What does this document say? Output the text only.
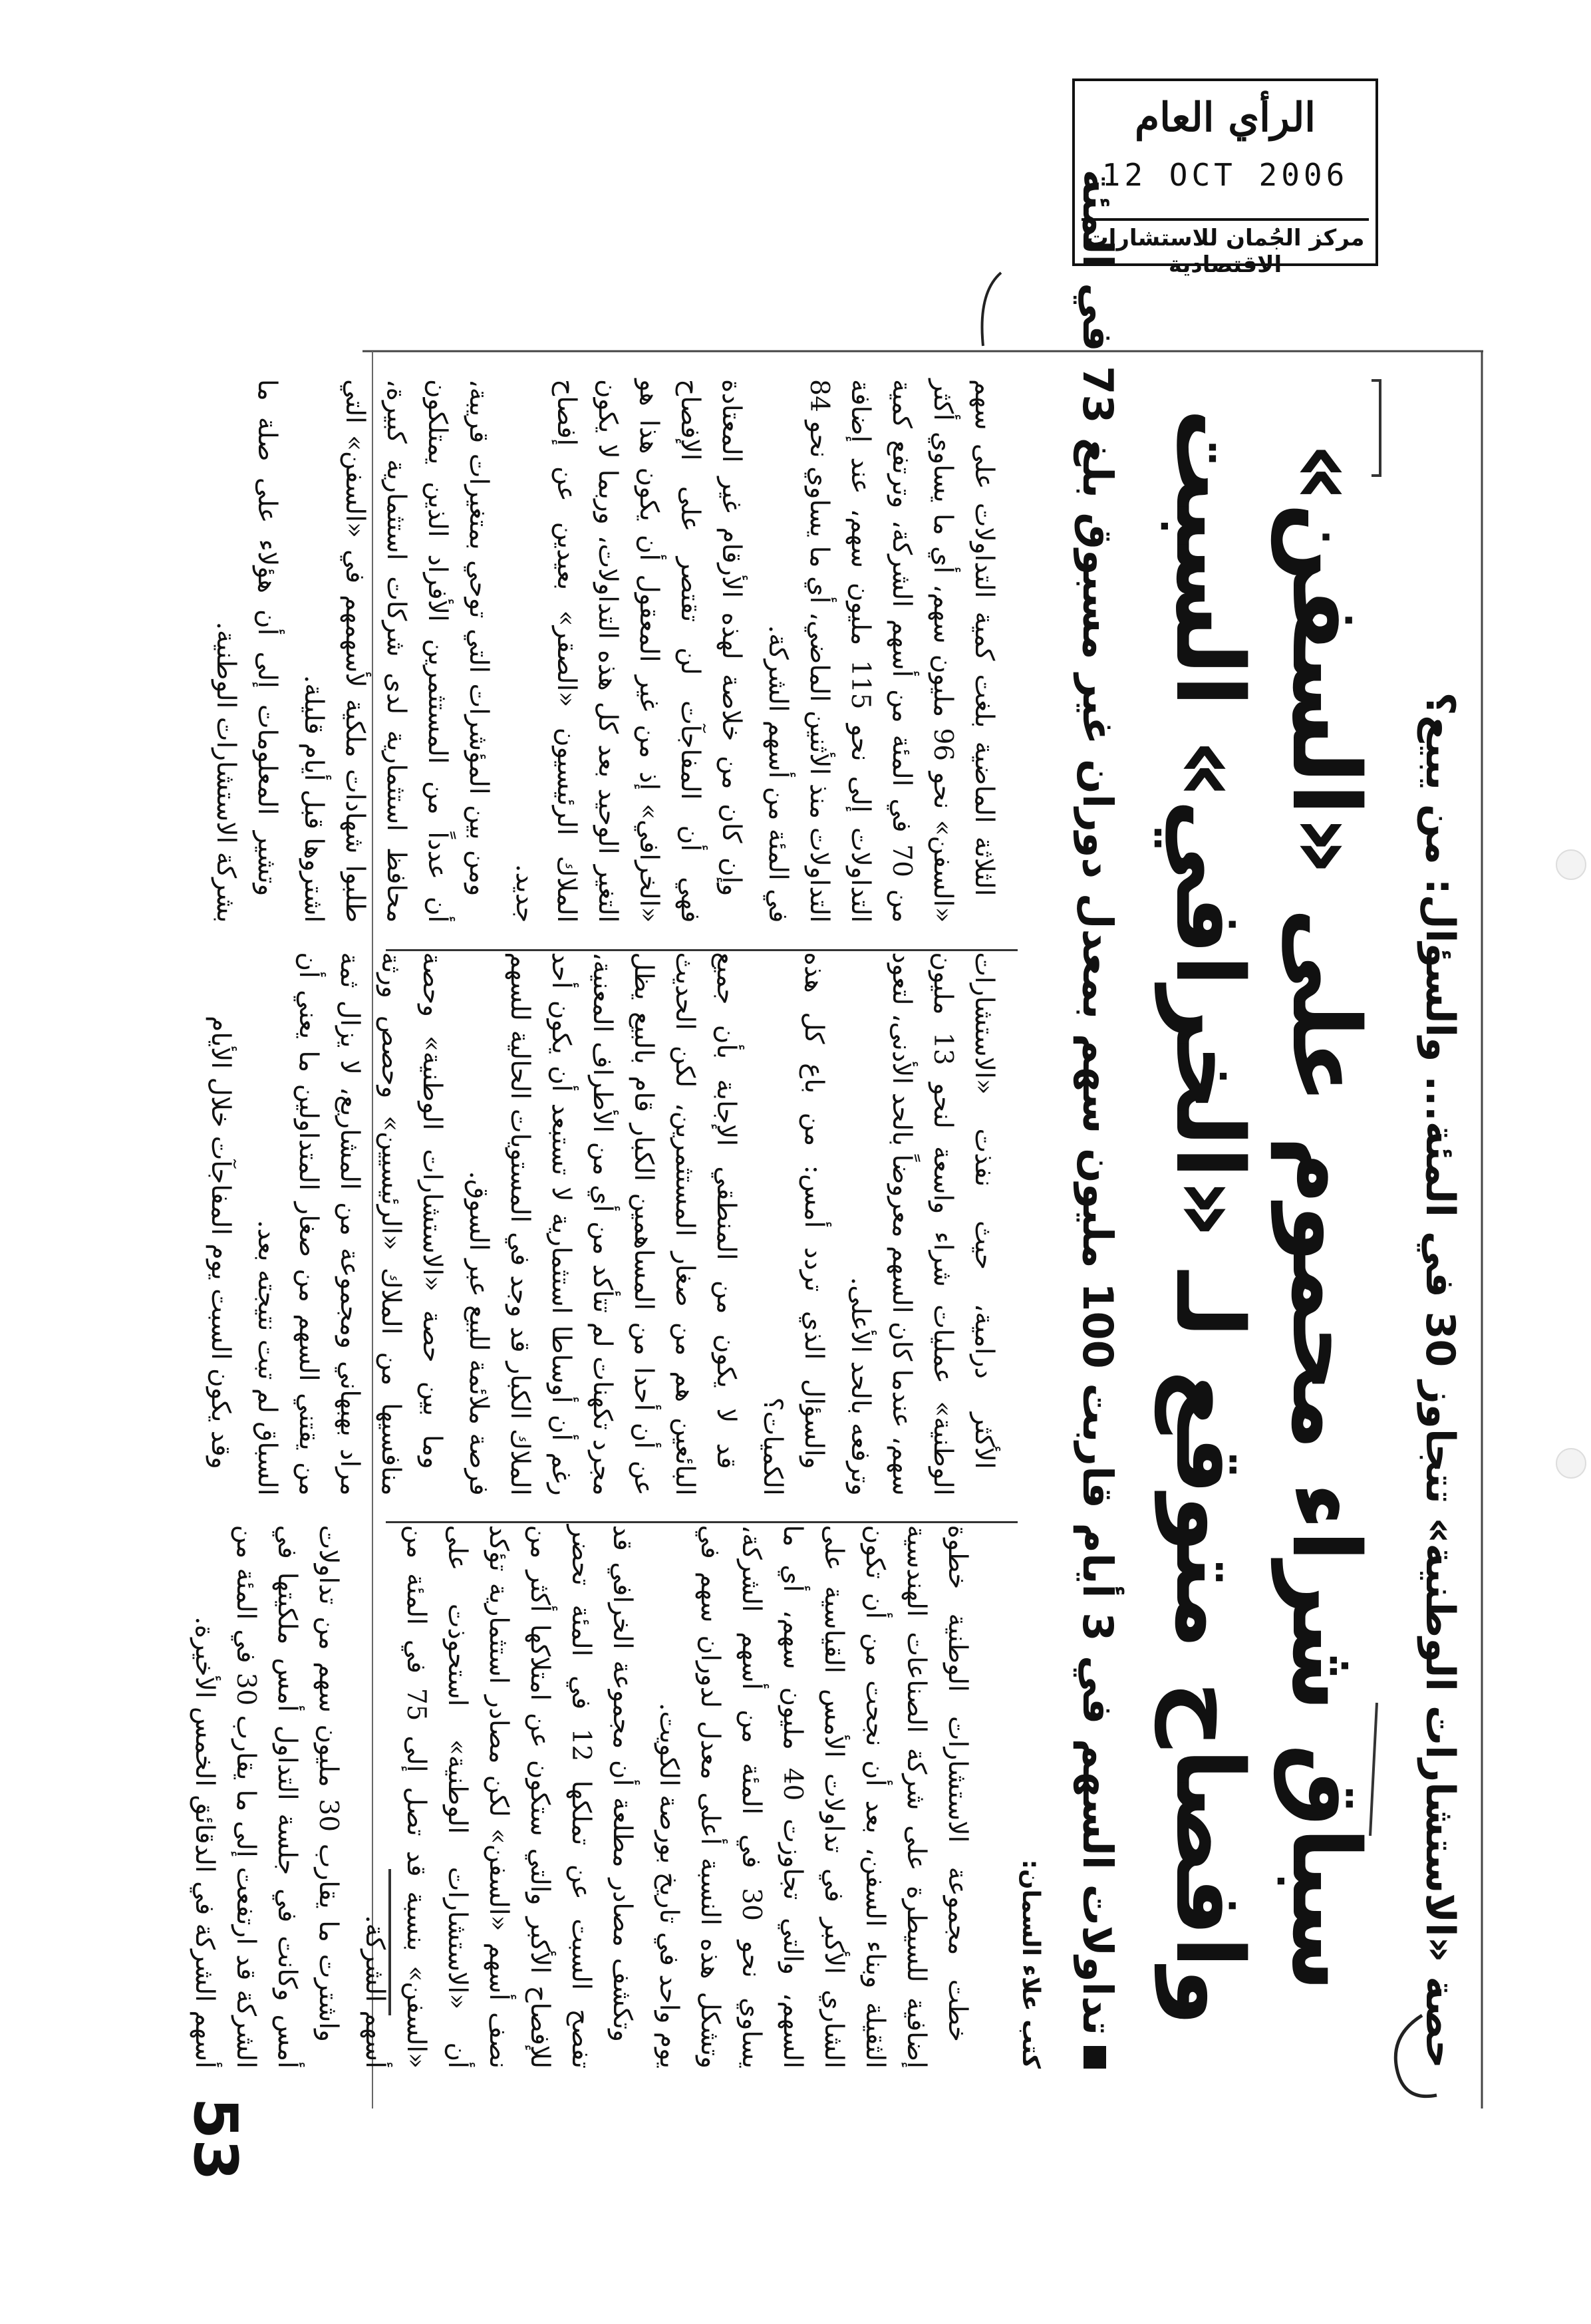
الرأي العام
12 OCT 2006
مركز الجُمان للاستشارات الاقتصادية
حصة «الاستشارات الوطنية» تتجاوز 30 في المئة... والسؤال: من يبيع؟
سباق شراء محموم على «السفن»
وافصاح متوقع لـ «الخرافي» السبت
تداولات السهم في 3 أيام قاربت 100 مليون سهم بمعدل دوران غير مسبوق بلغ 73 في المئة
كتب علاء السمان:

خطت مجموعة الاستشارات الوطنية خطوة إضافية للسيطرة على شركة الصناعات الهندسية الثقيلة وبناء السفن، بعد أن نجحت من أن تكون الشاري الأكبر في تداولات الأمس القياسية على السهم، والتي تجاوزت 40 مليون سهم، أي ما يساوي نحو 30 في المئة من أسهم الشركة، وتشكل هذه النسبة أعلى معدل لدوران سهم في يوم واحد في تاريخ بورصة الكويت.

وتكشف مصادر مطلعة أن مجموعة الخرافي قد تفصح السبت عن تملكها 12 في المئة تحضر للإفصاح الأكبر والتي ستكون عن امتلاكها أكثر من نصف أسهم «السفن» لكن مصادر استثمارية تؤكد أن «الاستشارات الوطنية» استحوذت على «السفن» بنسبة قد تصل إلى 75 في المئة من أسهم الشركة.

واشترت ما يقارب 30 مليون سهم من تداولات أمس وكانت في جلسة التداول أمس ملكيتها في الشركة قد ارتفعت إلى ما يقارب 30 في المئة من أسهم الشركة في الدقائق الخمس الأخيرة.

الأكثر درامية، حيث نفذت «الاستشارات الوطنية» عمليات شراء واسعة لنحو 13 مليون سهم، عندما كان السهم معروضاً بالحد الأدنى، لتعود وترفعه بالحد الأعلى.

والسؤال الذي تردد أمس: من باع كل هذه الكميات؟

قد لا يكون من المنطقي الإجابة بأن جميع البائعين هم من صغار المستثمرين، لكن الحديث عن أن أحدا من المساهمين الكبار قام بالبيع يظل مجرد تكهنات لم تتأكد من أي من الأطراف المعنية، رغم أن أوساطا استثمارية لا تستبعد أن يكون أحد الملاك الكبار قد وجد في المستويات الحالية للسهم فرصة ملائمة للبيع عبر السوق.

وما بين حصة «الاستشارات الوطنية» وحصة منافسيها من الملاك «الرئيسيين» وحصص ورثة مراد بهبهاني ومجموعة من المشاريع، لا يزال ثمة من يقتني السهم من صغار المتداولين ما يعني أن السباق لم تبت نتيجته بعد.

وقد يكون السبت يوم المفاجآت خلال الأيام

الثلاثة الماضية بلغت كمية التداولات على سهم «السفن» نحو 96 مليون سهم، أي ما يساوي أكثر من 70 في المئة من أسهم الشركة، وترتفع كمية التداولات إلى نحو 115 مليون سهم، عند إضافة التداولات منذ الأثنين الماضي، أي ما يساوي نحو 84 في المئة من أسهم الشركة.

وإن كان من خلاصة لهذه الأرقام غير المعتادة فهي أن المفاجآت لن تقتصر على الإفصاح «الخرافي» إذ من غير المعقول أن يكون هذا هو التغير الوحيد بعد كل هذه التداولات، وربما لا يكون الملاك الرئيسيون «الصقر» بعيدين عن إفصاح جديد.

ومن بين المؤشرات التي توحي بمتغيرات قريبة، أن عدداً من المستثمرين الأفراد الذين يمتلكون محافظ استثمارية لدى شركات استثمارية كبيرة، طلبوا شهادات ملكية لأسهمهم في «السفن» التي اشتروها قبل أيام قليلة.

وتشير المعلومات إلى أن هؤلاء على صلة ما بشركة الاستشارات الوطنية.

53
